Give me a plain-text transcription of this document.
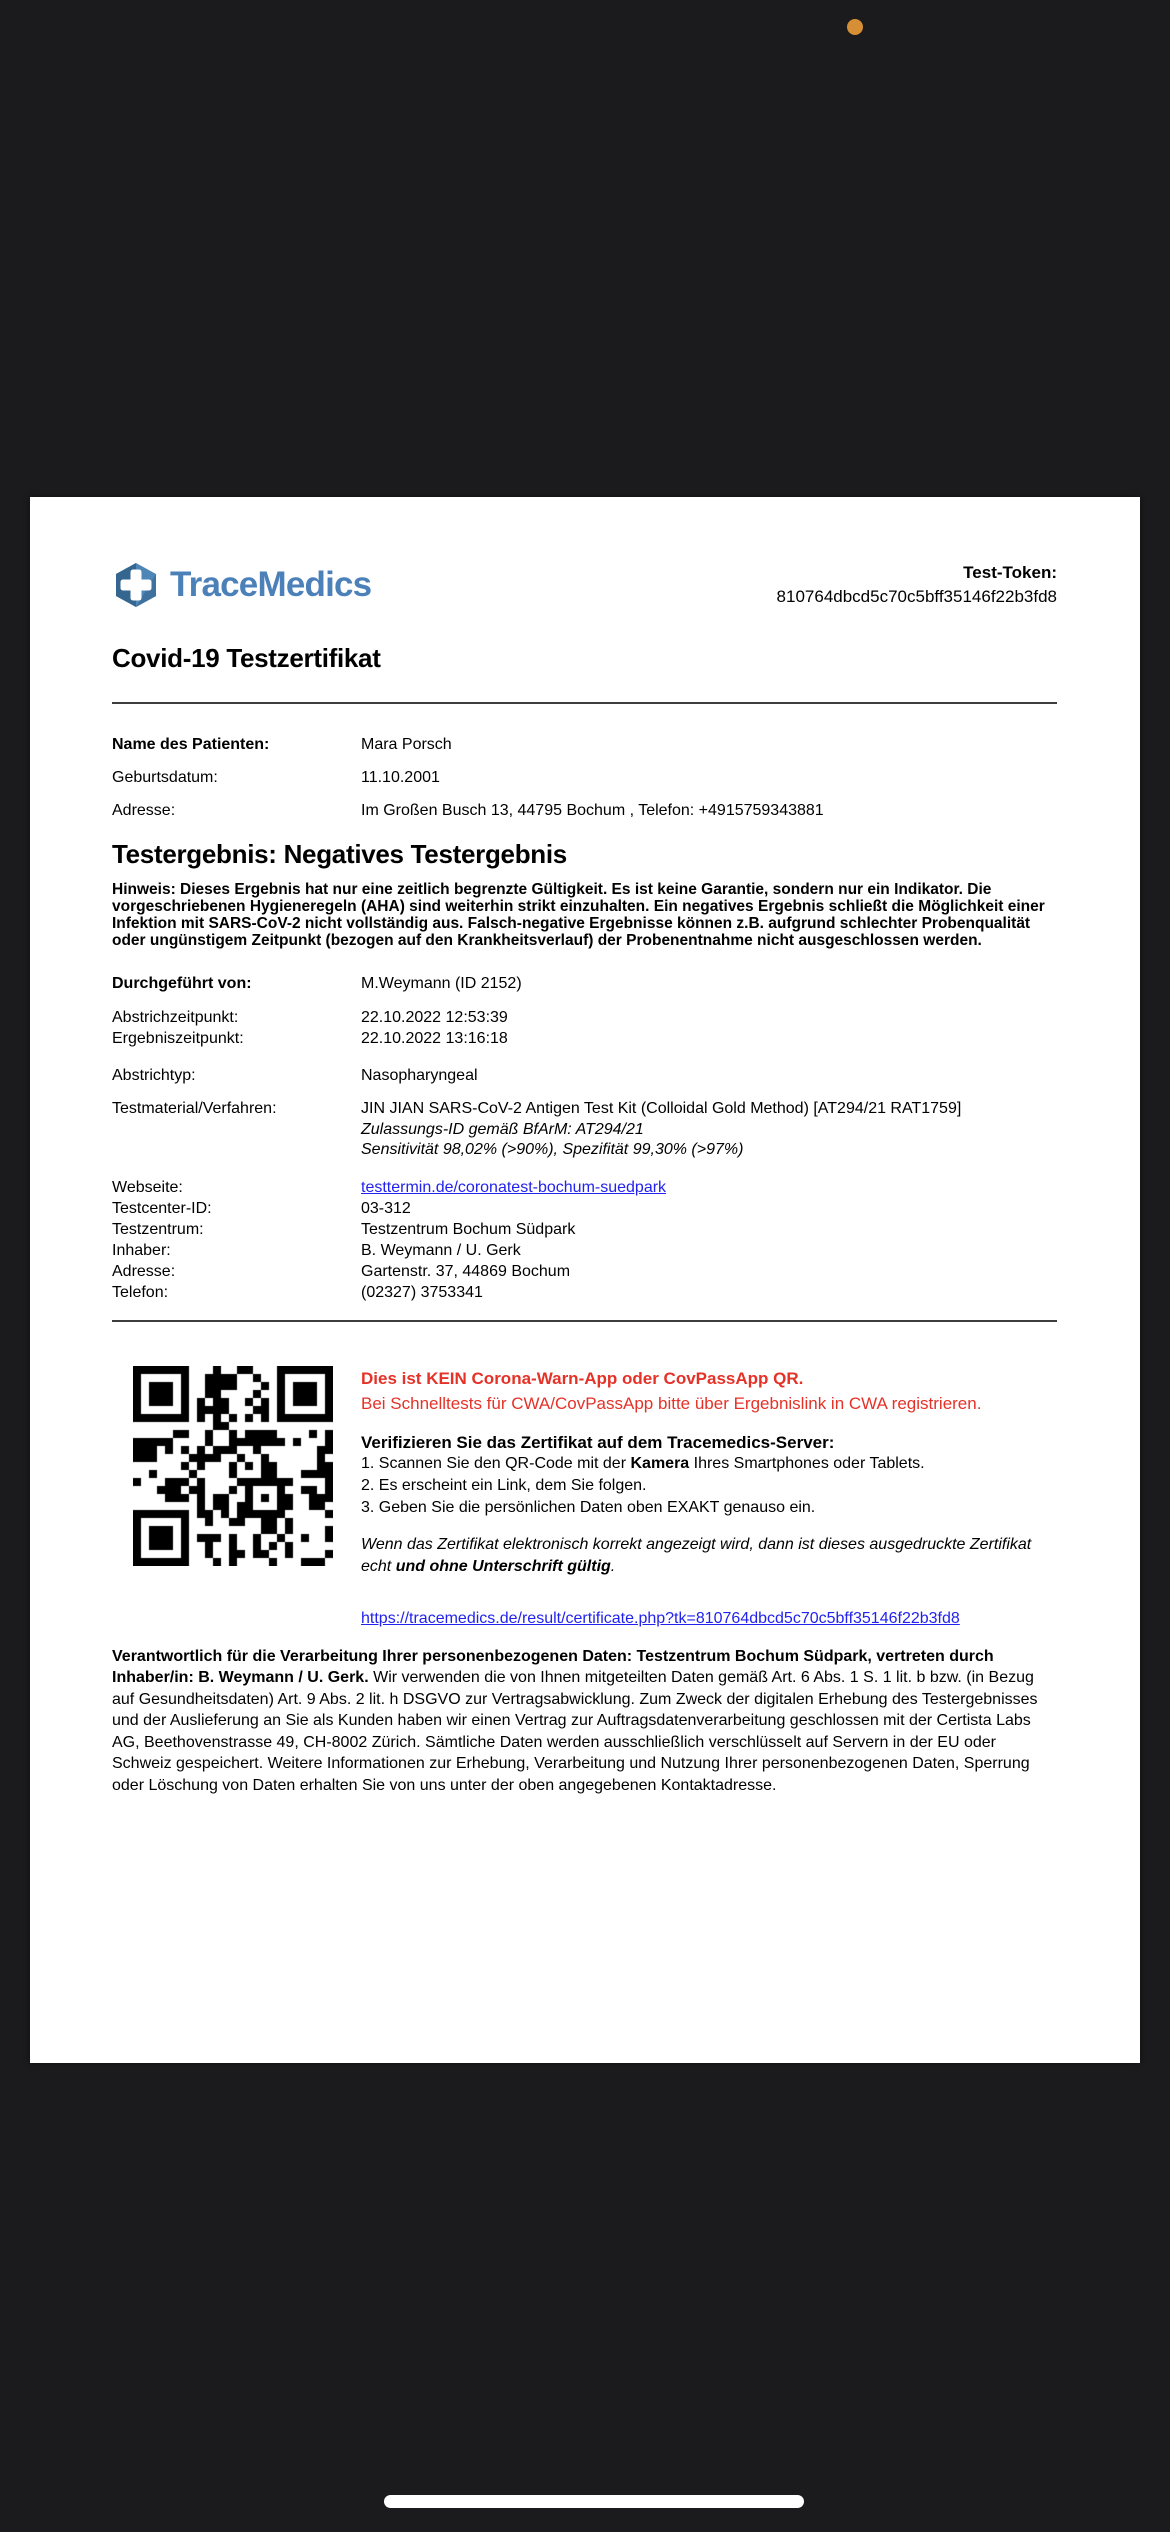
TraceMedics	Test-Token:
810764dbcd5c70c5bff35146f22b3fd8
Covid-19 Testzertifikat
Name des Patienten:	Mara Porsch
Geburtsdatum:	11.10.2001
Adresse:	Im Großen Busch 13, 44795 Bochum , Telefon: +4915759343881
Testergebnis: Negatives Testergebnis

Hinweis: Dieses Ergebnis hat nur eine zeitlich begrenzte Gültigkeit. Es ist keine Garantie, sondern nur ein Indikator. Die vorgeschriebenen Hygieneregeln (AHA) sind weiterhin strikt einzuhalten. Ein negatives Ergebnis schließt die Möglichkeit einer Infektion mit SARS-CoV-2 nicht vollständig aus. Falsch-negative Ergebnisse können z.B. aufgrund schlechter Probenqualität oder ungünstigem Zeitpunkt (bezogen auf den Krankheitsverlauf) der Probenentnahme nicht ausgeschlossen werden.

Durchgeführt von:	M.Weymann (ID 2152)
Abstrichzeitpunkt:	22.10.2022 12:53:39
Ergebniszeitpunkt:	22.10.2022 13:16:18
Abstrichtyp:	Nasopharyngeal
Testmaterial/Verfahren:	JIN JIAN SARS-CoV-2 Antigen Test Kit (Colloidal Gold Method) [AT294/21 RAT1759]
Zulassungs-ID gemäß BfArM: AT294/21
Sensitivität 98,02% (>90%), Spezifität 99,30% (>97%)
Webseite:	testtermin.de/coronatest-bochum-suedpark
Testcenter-ID:	03-312
Testzentrum:	Testzentrum Bochum Südpark
Inhaber:	B. Weymann / U. Gerk
Adresse:	Gartenstr. 37, 44869 Bochum
Telefon:	(02327) 3753341
Dies ist KEIN Corona-Warn-App oder CovPassApp QR.
Bei Schnelltests für CWA/CovPassApp bitte über Ergebnislink in CWA registrieren.
Verifizieren Sie das Zertifikat auf dem Tracemedics-Server:
1. Scannen Sie den QR-Code mit der Kamera Ihres Smartphones oder Tablets.
2. Es erscheint ein Link, dem Sie folgen.
3. Geben Sie die persönlichen Daten oben EXAKT genauso ein.
Wenn das Zertifikat elektronisch korrekt angezeigt wird, dann ist dieses ausgedruckte Zertifikat echt und ohne Unterschrift gültig.
https://tracemedics.de/result/certificate.php?tk=810764dbcd5c70c5bff35146f22b3fd8

Verantwortlich für die Verarbeitung Ihrer personenbezogenen Daten: Testzentrum Bochum Südpark, vertreten durch Inhaber/in: B. Weymann / U. Gerk. Wir verwenden die von Ihnen mitgeteilten Daten gemäß Art. 6 Abs. 1 S. 1 lit. b bzw. (in Bezug auf Gesundheitsdaten) Art. 9 Abs. 2 lit. h DSGVO zur Vertragsabwicklung. Zum Zweck der digitalen Erhebung des Testergebnisses und der Auslieferung an Sie als Kunden haben wir einen Vertrag zur Auftragsdatenverarbeitung geschlossen mit der Certista Labs AG, Beethovenstrasse 49, CH-8002 Zürich. Sämtliche Daten werden ausschließlich verschlüsselt auf Servern in der EU oder Schweiz gespeichert. Weitere Informationen zur Erhebung, Verarbeitung und Nutzung Ihrer personenbezogenen Daten, Sperrung oder Löschung von Daten erhalten Sie von uns unter der oben angegebenen Kontaktadresse.
